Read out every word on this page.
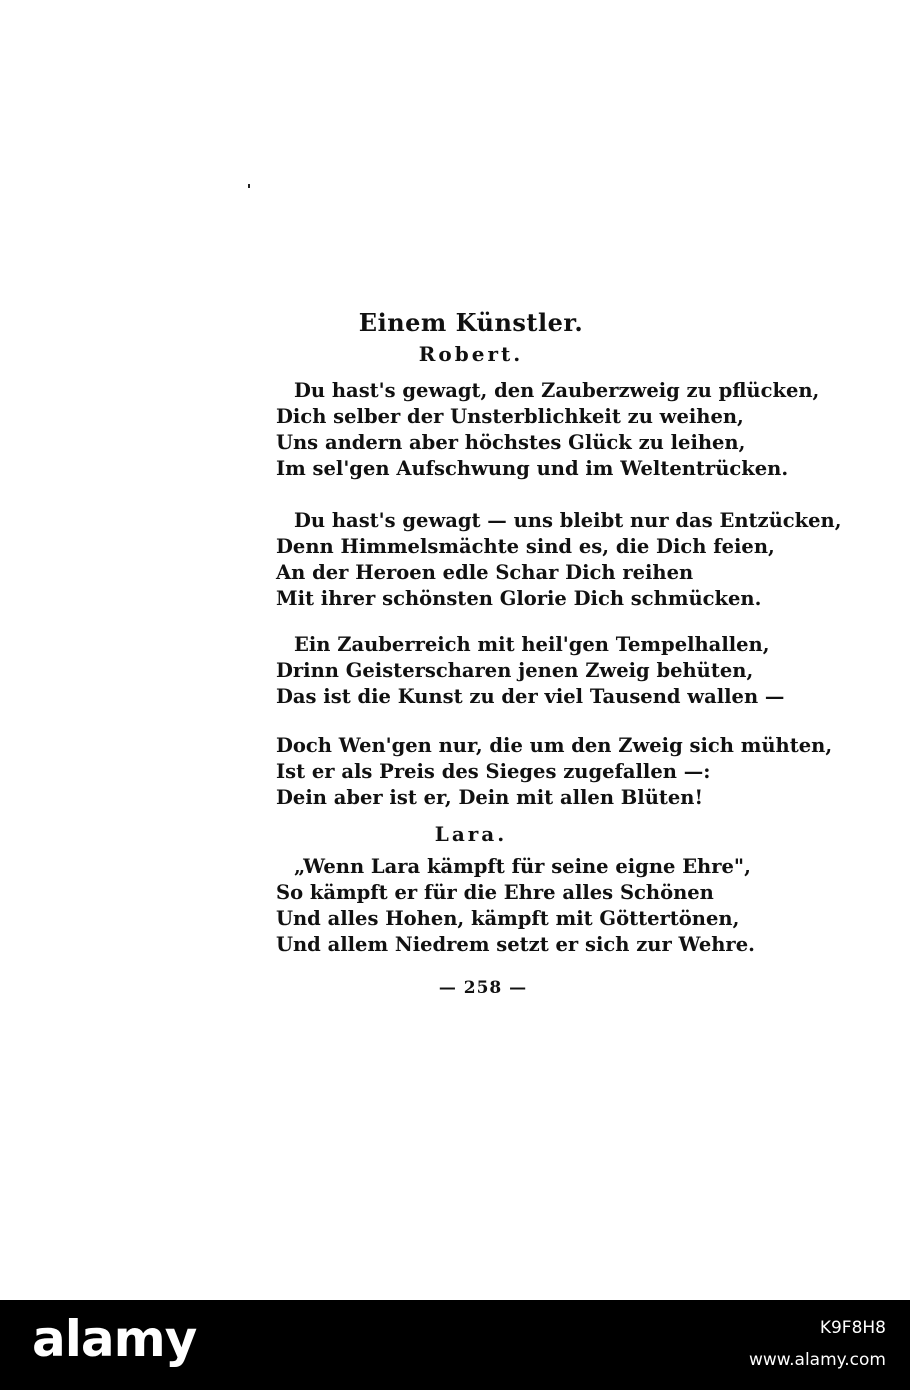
Einem Künstler.
Robert.
Du hast's gewagt, den Zauberzweig zu pflücken,
Dich selber der Unsterblichkeit zu weihen,
Uns andern aber höchstes Glück zu leihen,
Im sel'gen Aufschwung und im Weltentrücken.
Du hast's gewagt — uns bleibt nur das Entzücken,
Denn Himmelsmächte sind es, die Dich feien,
An der Heroen edle Schar Dich reihen
Mit ihrer schönsten Glorie Dich schmücken.
Ein Zauberreich mit heil'gen Tempelhallen,
Drinn Geisterscharen jenen Zweig behüten,
Das ist die Kunst zu der viel Tausend wallen —
Doch Wen'gen nur, die um den Zweig sich mühten,
Ist er als Preis des Sieges zugefallen —:
Dein aber ist er, Dein mit allen Blüten!
Lara.
„Wenn Lara kämpft für seine eigne Ehre",
So kämpft er für die Ehre alles Schönen
Und alles Hohen, kämpft mit Göttertönen,
Und allem Niedrem setzt er sich zur Wehre.
— 258 —
alamy	K9F8H8
www.alamy.com
